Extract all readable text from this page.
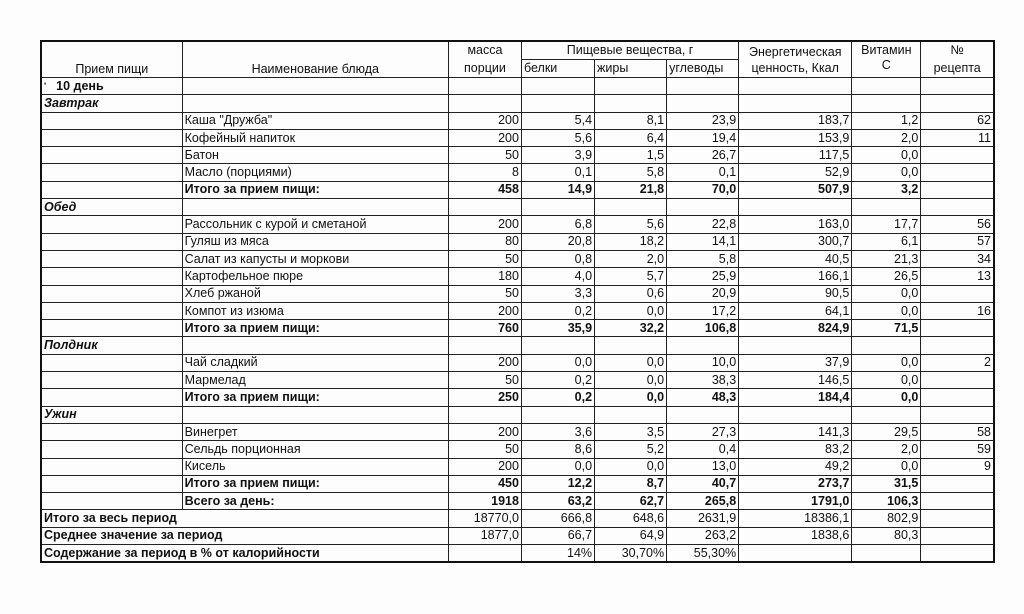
Прием пищи	Наименование блюда	масса	Пищевые вещества, г			Энергетическая	Витамин	№
		порции	белки	жиры	углеводы	ценность, Ккал	С	рецепта
' 10 день								
Завтрак								
	Каша "Дружба"	200	5,4	8,1	23,9	183,7	1,2	62
	Кофейный напиток	200	5,6	6,4	19,4	153,9	2,0	11
	Батон	50	3,9	1,5	26,7	117,5	0,0	
	Масло (порциями)	8	0,1	5,8	0,1	52,9	0,0	
	Итого за прием пищи:	458	14,9	21,8	70,0	507,9	3,2	
Обед								
	Рассольник с курой и сметаной	200	6,8	5,6	22,8	163,0	17,7	56
	Гуляш из мяса	80	20,8	18,2	14,1	300,7	6,1	57
	Салат из капусты и моркови	50	0,8	2,0	5,8	40,5	21,3	34
	Картофельное пюре	180	4,0	5,7	25,9	166,1	26,5	13
	Хлеб ржаной	50	3,3	0,6	20,9	90,5	0,0	
	Компот из изюма	200	0,2	0,0	17,2	64,1	0,0	16
	Итого за прием пищи:	760	35,9	32,2	106,8	824,9	71,5	
Полдник								
	Чай сладкий	200	0,0	0,0	10,0	37,9	0,0	2
	Мармелад	50	0,2	0,0	38,3	146,5	0,0	
	Итого за прием пищи:	250	0,2	0,0	48,3	184,4	0,0	
Ужин								
	Винегрет	200	3,6	3,5	27,3	141,3	29,5	58
	Сельдь порционная	50	8,6	5,2	0,4	83,2	2,0	59
	Кисель	200	0,0	0,0	13,0	49,2	0,0	9
	Итого за прием пищи:	450	12,2	8,7	40,7	273,7	31,5	
	Всего за день:	1918	63,2	62,7	265,8	1791,0	106,3	
Итого за весь период		18770,0	666,8	648,6	2631,9	18386,1	802,9	
Среднее значение за период		1877,0	66,7	64,9	263,2	1838,6	80,3	
Содержание за период в % от калорийности			14%	30,70%	55,30%			
